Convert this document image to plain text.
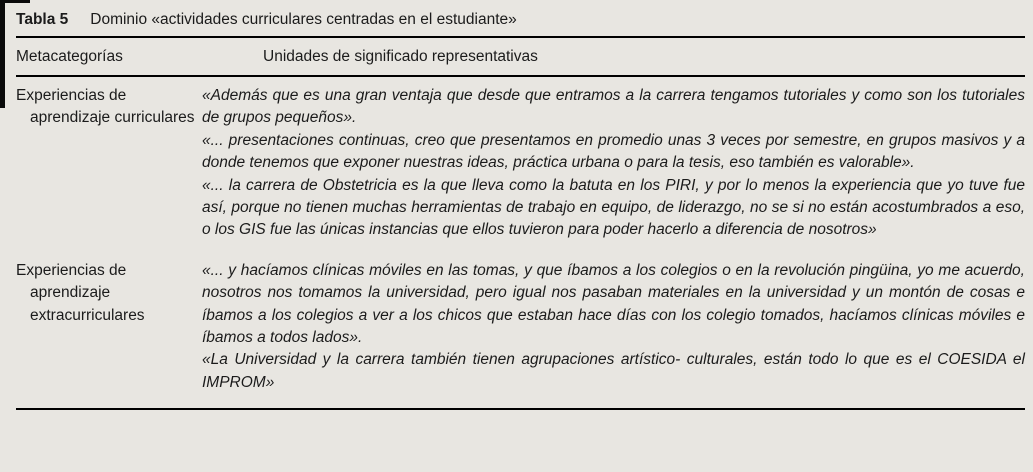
Tabla 5 Dominio «actividades curriculares centradas en el estudiante»
Metacategorías	Unidades de significado representativas
Experiencias de aprendizaje curriculares

«Además que es una gran ventaja que desde que entramos a la carrera tengamos tutoriales y como son los tutoriales de grupos pequeños».

«... presentaciones continuas, creo que presentamos en promedio unas 3 veces por semestre, en grupos masivos y a donde tenemos que exponer nuestras ideas, práctica urbana o para la tesis, eso también es valorable».

«... la carrera de Obstetricia es la que lleva como la batuta en los PIRI, y por lo menos la experiencia que yo tuve fue así, porque no tienen muchas herramientas de trabajo en equipo, de liderazgo, no se si no están acostumbrados a eso, o los GIS fue las únicas instancias que ellos tuvieron para poder hacerlo a diferencia de nosotros»

Experiencias de aprendizaje extracurriculares

«... y hacíamos clínicas móviles en las tomas, y que íbamos a los colegios o en la revolución pingüina, yo me acuerdo, nosotros nos tomamos la universidad, pero igual nos pasaban materiales en la universidad y un montón de cosas e íbamos a los colegios a ver a los chicos que estaban hace días con los colegio tomados, hacíamos clínicas móviles e íbamos a todos lados».

«La Universidad y la carrera también tienen agrupaciones artístico- culturales, están todo lo que es el COESIDA el IMPROM»
